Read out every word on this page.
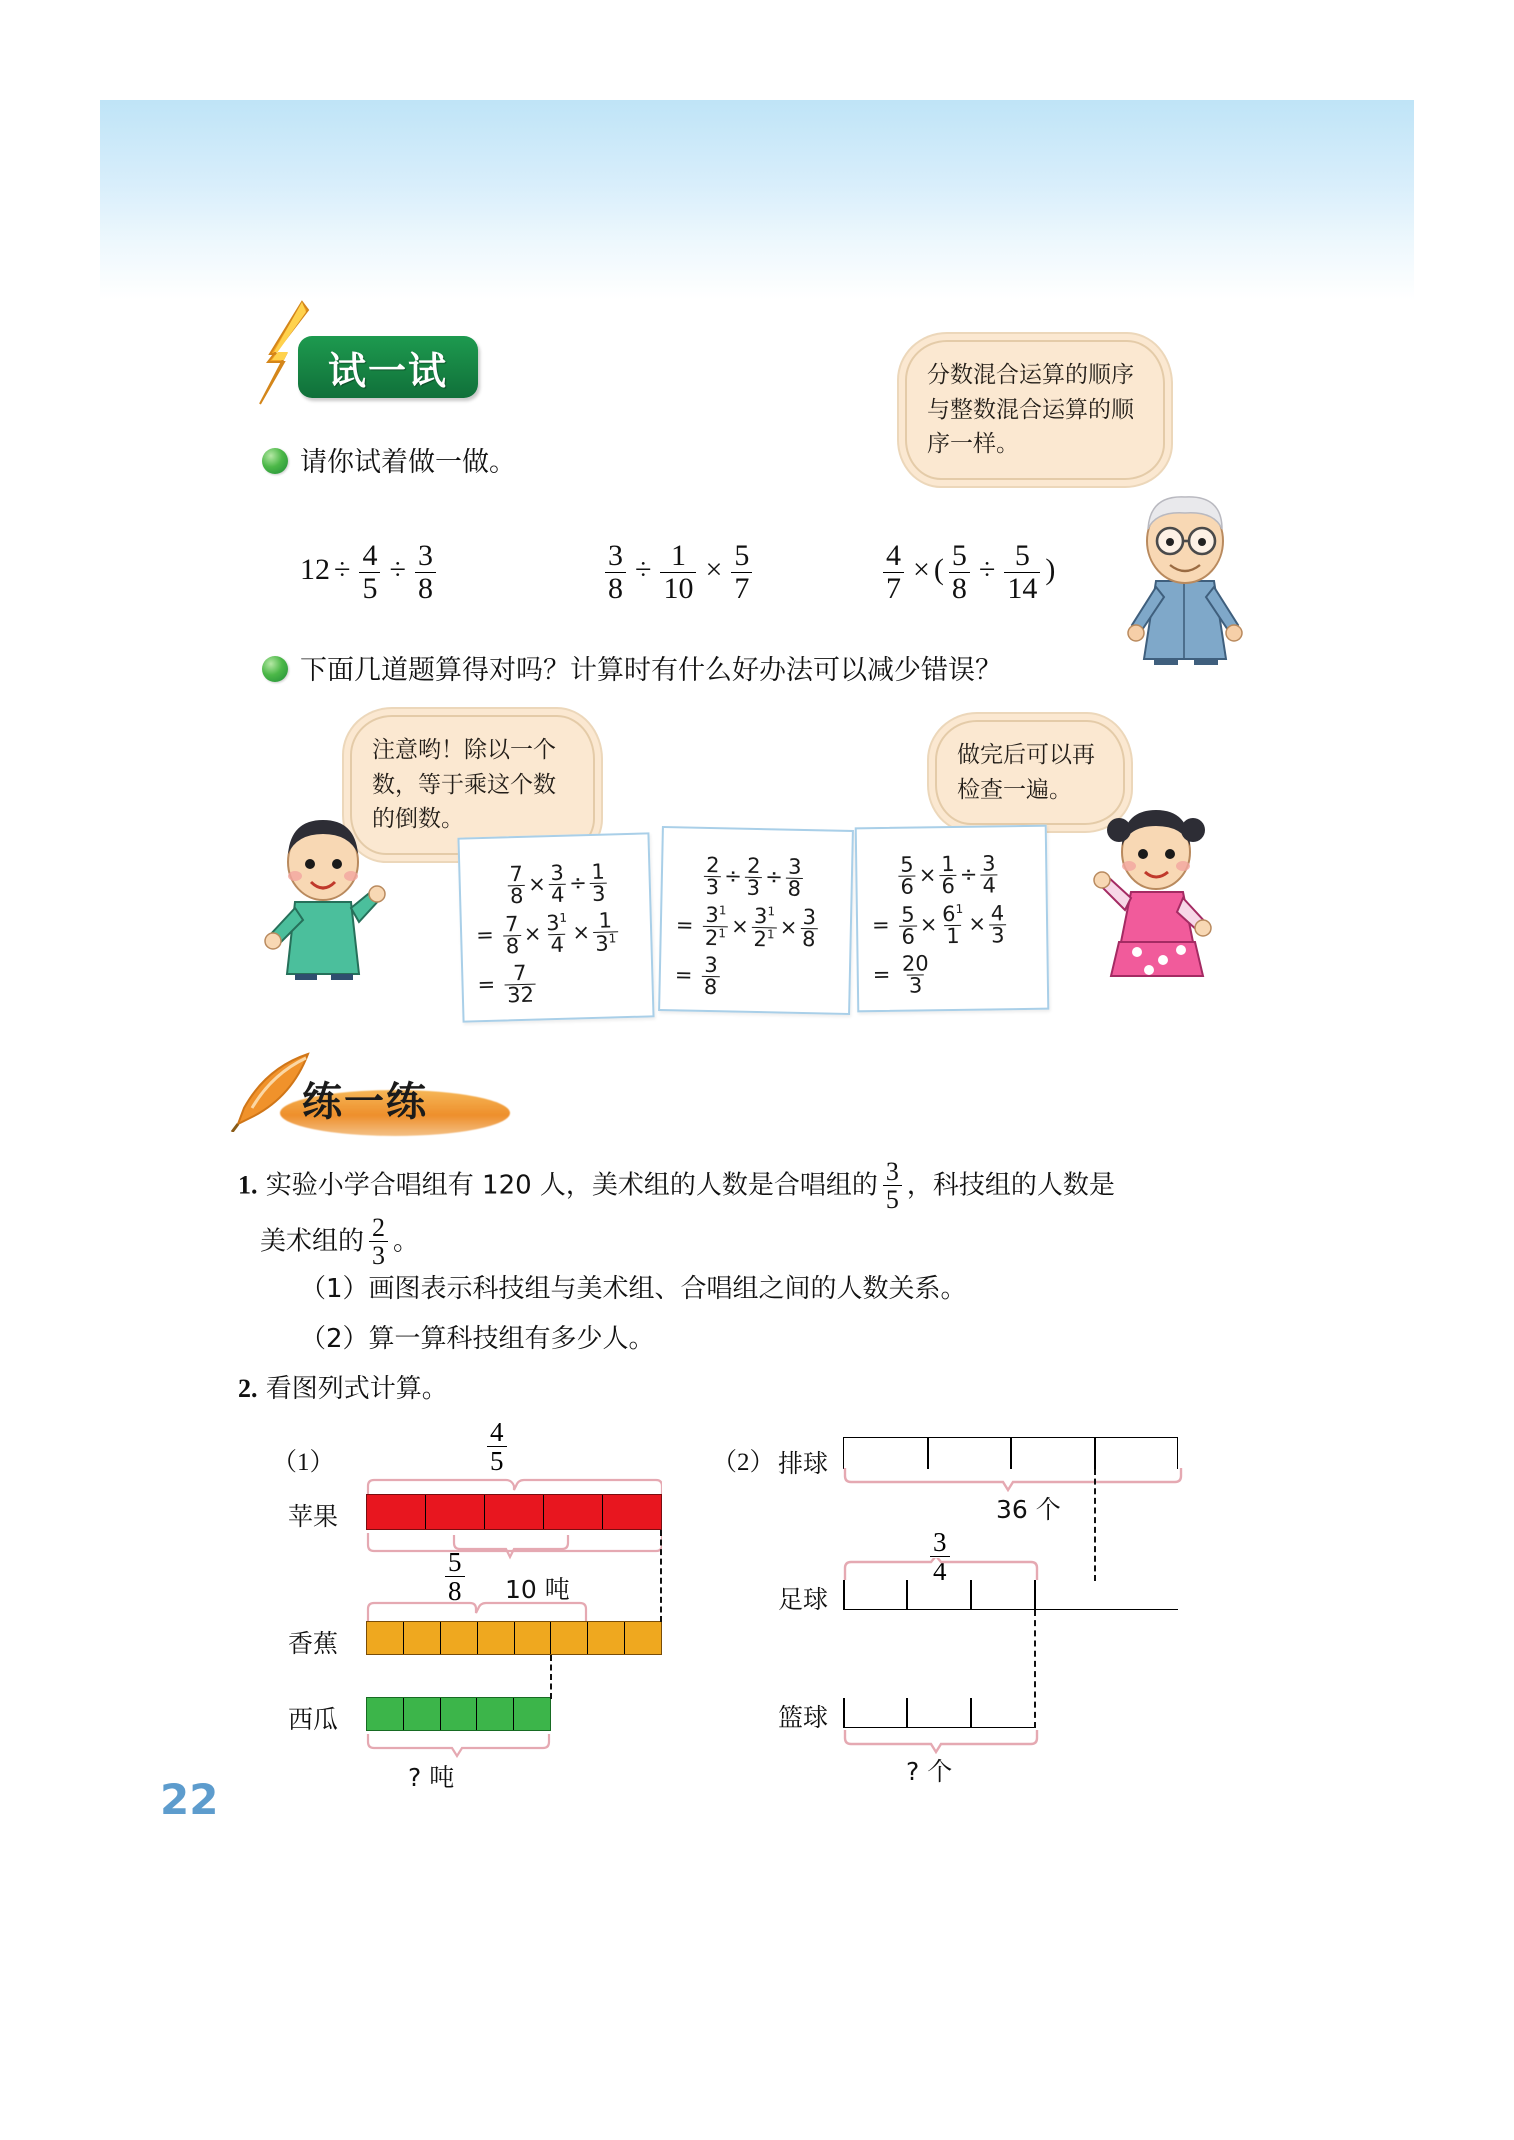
试一试
请你试着做一做。
分数混合运算的顺序与整数混合运算的顺序一样。
$12 \div \frac{4}{5} \div \frac{3}{8}$	$\frac{3}{8} \div \frac{1}{10} \times \frac{5}{7}$	$\frac{4}{7}$ × ( $\frac{5}{8} \div \frac{5}{14}$ )
下面几道题算得对吗？计算时有什么好办法可以减少错误？
注意哟！除以一个数，等于乘这个数的倒数。
做完后可以再检查一遍。
$\frac{7}{8} \times \frac{3}{4} \div \frac{1}{3}$
= $\frac{7}{8} \times \frac{3^1}{4} \times \frac{1}{3^1}$
= $\frac{7}{32}$
$\frac{2}{3} \div \frac{2}{3} \div \frac{3}{8}$
= $\frac{3^1}{2^1} \times \frac{3^1}{2^1} \times \frac{3}{8}$
= $\frac{3}{8}$
$\frac{5}{6} \times \frac{1}{6} \div \frac{3}{4}$
= $\frac{5}{6} \times \frac{6^1}{1} \times \frac{4}{3}$
= $\frac{20}{3}$
练一练
1. 实验小学合唱组有 120 人，美术组的人数是合唱组的 $\frac{3}{5}$ ，科技组的人数是
美术组的 $\frac{2}{3}$ 。
（1）画图表示科技组与美术组、合唱组之间的人数关系。
（2）算一算科技组有多少人。
2. 看图列式计算。
（1）	$\frac{4}{5}$
苹果
$\frac{5}{8} 10$ 吨
香蕉
西瓜
? 吨
（2） 排球
36 个
$\frac{3}{4}$
足球
篮球
? 个
22
